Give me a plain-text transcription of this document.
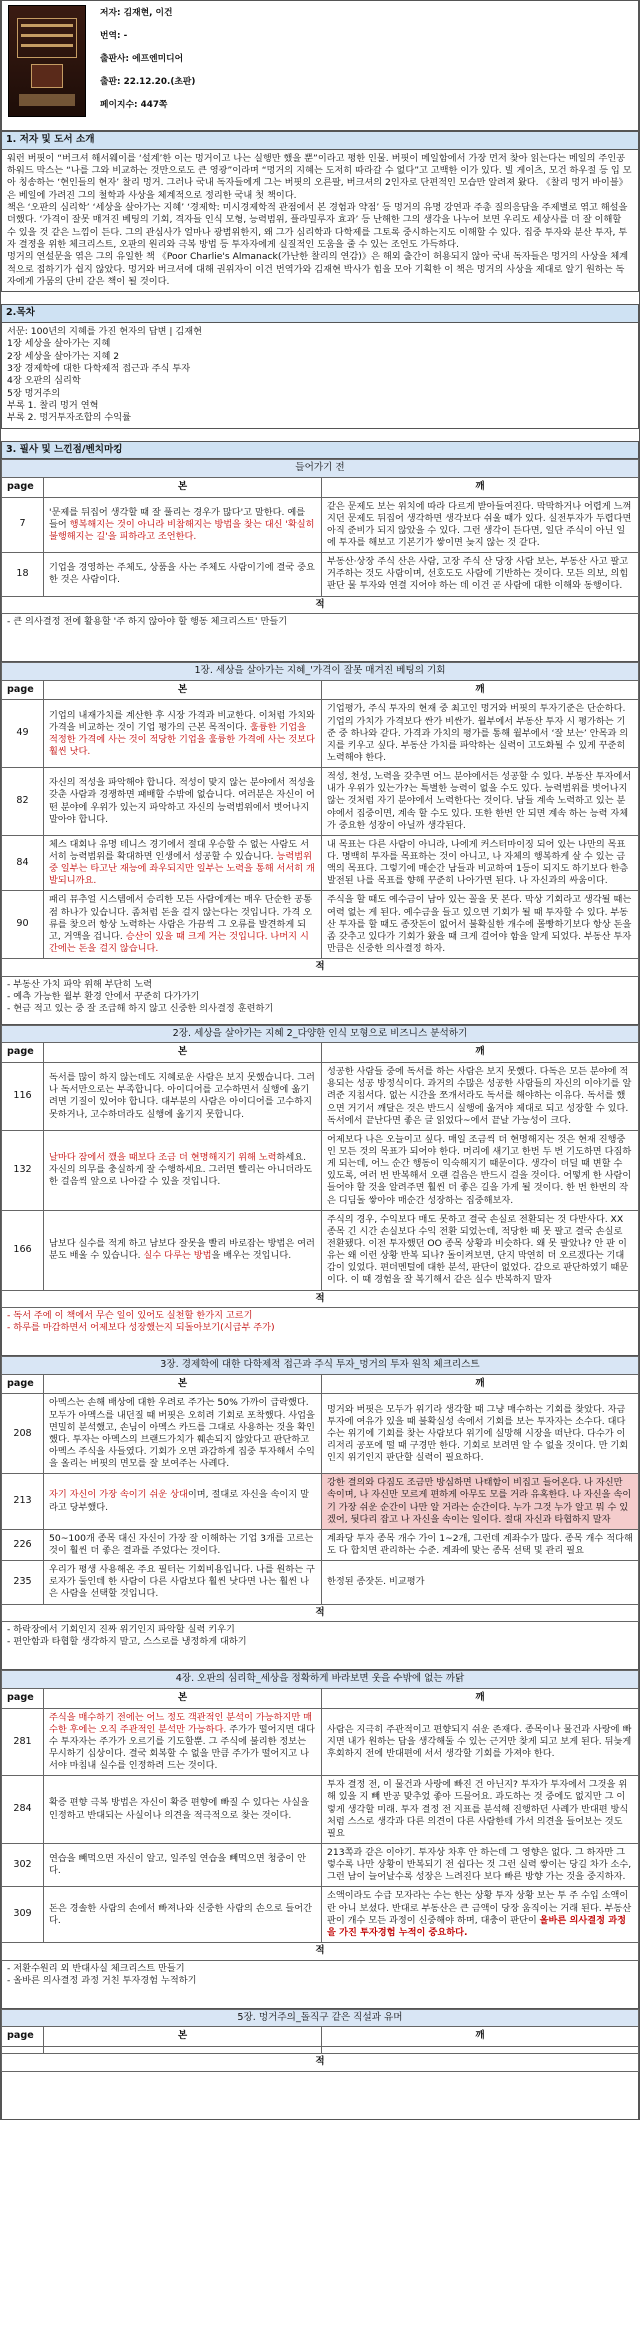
저자: 김재현, 이건
번역: -
출판사: 에프엔미디어
출판: 22.12.20.(초판)
페이지수: 447쪽
1. 저자 및 도서 소개
워런 버핏이 “버크셔 해서웨이를 ‘설계’한 이는 멍거이고 나는 실행만 했을 뿐”이라고 평한 인물. 버핏이 메일함에서 가장 먼저 찾아 읽는다는 메일의 주인공 하워드 막스는 “나를 그와 비교하는 것만으로도 큰 영광”이라며 “멍거의 지혜는 도저히 따라갈 수 없다”고 고백한 이가 있다. 빌 게이츠, 모건 하우절 등 입 모아 칭송하는 ‘현인들의 현자’ 찰리 멍거. 그러나 국내 독자들에게 그는 버핏의 오른팔, 버크셔의 2인자로 단편적인 모습만 알려져 왔다. 《찰리 멍거 바이블》은 베일에 가려진 그의 철학과 사상을 체계적으로 정리한 국내 첫 책이다.
책은 ‘오판의 심리학’ ‘세상을 살아가는 지혜’ ‘경제학: 미시경제학적 관점에서 본 경험과 약점’ 등 멍거의 유명 강연과 주총 질의응답을 주제별로 엮고 해설을 더했다. ‘가격이 잘못 매겨진 베팅의 기회, 격자들 인식 모형, 능력범위, 플라밀루자 효과’ 등 난해한 그의 생각을 나누어 보면 우리도 세상사를 더 잘 이해할 수 있을 것 같은 느낌이 든다. 그의 관심사가 얼마나 광범위한지, 왜 그가 심리학과 다학제를 그토록 중시하는지도 이해할 수 있다. 집중 투자와 분산 투자, 투자 결정을 위한 체크리스트, 오판의 원리와 극복 방법 등 투자자에게 실질적인 도움을 줄 수 있는 조언도 가득하다.
멍거의 연설문을 엮은 그의 유일한 책 《Poor Charlie's Almanack(가난한 찰리의 연감)》은 해외 출간이 허용되지 않아 국내 독자들은 멍거의 사상을 체계적으로 접하기가 쉽지 않았다. 멍거와 버크셔에 대해 권위자이 이건 번역가와 김재현 박사가 힘을 모아 기획한 이 책은 멍거의 사상을 제대로 알기 원하는 독자에게 가뭄의 단비 같은 책이 될 것이다.
2.목차
서문: 100년의 지혜를 가진 현자의 답변 | 김재현
1장 세상을 살아가는 지혜
2장 세상을 살아가는 지혜 2
3장 경제학에 대한 다학제적 접근과 주식 투자
4장 오판의 심리학
5장 멍거주의
부록 1. 찰리 멍거 연혁
부록 2. 멍거투자조합의 수익률
3. 필사 및 느낀점/벤치마킹
들어가기 전		
page	본	깨
7	'문제를 뒤집어 생각할 때 잘 풀리는 경우가 많다'고 말한다. 예를 들어 행복해지는 것이 아니라 비참해지는 방법을 찾는 대신 '확실히 불행해지는 길'을 피하라고 조언한다.	같은 문제도 보는 위치에 따라 다르게 받아들여진다. 막막하거나 어렵게 느껴지던 문제도 뒤집어 생각하면 생각보다 쉬울 때가 있다. 실전투자가 두렵다면 아직 준비가 되지 않았을 수 있다. 그런 생각이 든다면, 일단 주식이 아닌 일에 투자를 해보고 기본기가 쌓이면 늦지 않는 것 같다.
18	기업을 경영하는 주체도, 상품을 사는 주체도 사람이기에 결국 중요한 것은 사람이다.	부동산·상장 주식 산은 사람, 고장 주식 산 당장 사람 보는, 부동산 사고 팔고 거주하는 것도 사람이며, 선호도도 사람에 기반하는 것이다. 모든 의보, 의힘 판단 물 투자와 연결 지어야 하는 데 이건 곧 사람에 대한 이해와 동행이다.
적		
- 큰 의사결정 전에 활용할 '주 하지 않아야 할 행동 체크리스트' 만들기
1장. 세상을 살아가는 지혜_'가격이 잘못 매겨진 베팅의 기회		
page	본	깨
49	기업의 내재가치를 계산한 후 시장 가격과 비교한다. 이처럼 가치와 가격을 비교하는 것이 기업 평가의 근본 목적이다. 훌륭한 기업을 적정한 가격에 사는 것이 적당한 기업을 훌륭한 가격에 사는 것보다 훨씬 낫다.	기업평가, 주식 투자의 현재 중 최고인 멍거와 버핏의 투자기준은 단순하다. 기업의 가치가 가격보다 싼가 비싼가. 월부에서 부동산 투자 시 평가하는 기준 중 하나와 같다. 가격과 가치의 평가를 통해 월부에서 ‘잘 보는’ 안목과 의지를 키우고 싶다. 부동산 가치를 파악하는 실력이 고도화될 수 있게 꾸준히 노력해야 한다.
82	자신의 적성을 파악해야 합니다. 적성이 맞지 않는 분야에서 적성을 갖춘 사람과 경쟁하면 패배할 수밖에 없습니다. 여러분은 자신이 어떤 분야에 우위가 있는지 파악하고 자신의 능력범위에서 벗어나지 말아야 합니다.	적성, 천성, 노력을 갖추면 어느 분야에서든 성공할 수 있다. 부동산 투자에서 내가 우위가 있는가?는 특별한 능력이 없을 수도 있다. 능력범위를 벗어나지 않는 것처럼 자기 분야에서 노력한다는 것이다. 남들 계속 노력하고 있는 분야에서 집중이면, 계속 할 수도 있다. 또한 한번 안 되면 계속 하는 능력 자체가 중요한 성장이 아닐까 생각된다.
84	체스 대회나 유명 테니스 경기에서 절대 우승할 수 없는 사람도 서서히 능력범위를 확대하면 인생에서 성공할 수 있습니다. 능력범위 중 일부는 타고난 재능에 좌우되지만 일부는 노력을 통해 서서히 개발되니까요.	내 목표는 다른 사람이 아니라, 나에게 커스터마이징 되어 있는 나만의 목표다. 명백히 투자를 목표하는 것이 아니고, 나 자체의 행복하게 살 수 있는 금액의 목표다. 그렇기에 매순간 남들과 비교하여 1등이 되지도 하기보다 한층 발전된 나를 목표를 향해 꾸준히 나아가면 된다. 나 자신과의 싸움이다.
90	패리 뮤추얼 시스템에서 승리한 모든 사람에게는 매우 단순한 공통점 하나가 있습니다. 좀처럼 돈을 걸지 않는다는 것입니다. 가격 오류를 찾으러 항상 노력하는 사람은 가끔씩 그 오류를 발견하게 되고, 거액을 겁니다. 승산이 있을 때 크게 거는 것입니다. 나머지 시간에는 돈을 걸지 않습니다.	주식을 할 때도 예수금이 남아 있는 꼴을 못 본다. 막상 기회라고 생각될 때는 여력 없는 게 된다. 예수금을 들고 있으면 기회가 될 때 투자할 수 있다. 부동산 투자를 할 때도 종잣돈이 없어서 불확실한 개수에 몰빵하기보다 항상 돈을 좀 갖추고 있다가 기회가 왔을 때 크게 걸어야 함을 알게 되었다. 부동산 투자만큼은 신중한 의사결정 하자.
적		
- 부동산 가치 파악 위해 부단히 노력
- 예측 가능한 월부 환경 안에서 꾸준히 다가가기
- 현금 적고 있는 중 잘 조급해 하지 않고 신중한 의사결정 훈련하기
2장. 세상을 살아가는 지혜 2_다양한 인식 모형으로 비즈니스 분석하기		
page	본	깨
116	독서를 많이 하지 않는데도 지혜로운 사람은 보지 못했습니다. 그러나 독서만으로는 부족합니다. 아이디어를 고수하면서 실행에 옮기려면 기질이 있어야 합니다. 대부분의 사람은 아이디어를 고수하지 못하거나, 고수하더라도 실행에 옮기지 못합니다.	성공한 사람들 중에 독서를 하는 사람은 보지 못했다. 다독은 모든 분야에 적용되는 성공 방정식이다. 과거의 수많은 성공한 사람들의 자신의 이야기를 알려준 지침서다. 없는 시간을 쪼개서라도 독서를 해야하는 이유다. 독서를 했으면 거기서 깨달은 것은 반드시 실행에 옮겨야 제대로 되고 성장할 수 있다. 독서에서 끝난다면 좋은 글 읽었다~에서 끝날 가능성이 크다.
132	날마다 잠에서 깼을 때보다 조금 더 현명해지기 위해 노력하세요. 자신의 의무를 충실하게 잘 수행하세요. 그러면 빨리는 아니더라도 한 걸음씩 앞으로 나아갈 수 있을 것입니다.	어제보다 나은 오늘이고 싶다. 매일 조금씩 더 현명해지는 것은 현재 진행중인 모든 것의 목표가 되어야 한다. 머리에 새기고 한번 두 번 기도하면 다짐하게 되는데, 어느 순간 행동이 익숙해지기 때문이다. 생각이 더딜 때 변할 수 있도록, 여러 번 반복해서 오랜 걸음은 반드시 걸을 것이다. 어떻게 한 사람이 들어야 할 것을 알려주면 훨씬 더 좋은 길을 가게 될 것이다. 한 번 한번의 작은 디딤돌 쌓아야 매순간 성장하는 집중해보자.
166	남보다 실수를 적게 하고 남보다 잘못을 빨리 바로잡는 방법은 여러분도 배울 수 있습니다. 실수 다루는 방법을 배우는 것입니다.	주식의 경우, 수익보다 매도 못하고 결국 손실로 전환되는 것 다반사다. XX 종목 긴 시간 손실보다 수익 전환 되었는데, 적당한 때 못 팔고 결국 손실로 전환됐다. 이전 투자했던 OO 종목 상황과 비슷하다. 왜 못 팔았나? 안 판 이유는 왜 이런 상황 반복 되나? 돌이켜보면, 단지 막연히 더 오르겠다는 기대감이 있었다. 편더멘털에 대한 분석, 판단이 없었다. 감으로 판단하였기 때문이다. 이 때 경험을 잘 복기해서 같은 실수 반복하지 말자
적		
- 독서 주에 이 책에서 무슨 일이 있어도 실천할 한가지 고르기
- 하루를 마감하면서 어제보다 성장했는지 되돌아보기(시급부 주가)
3장. 경제학에 대한 다학제적 접근과 주식 투자_멍거의 투자 원칙 체크리스트		
page	본	깨
208	아멕스는 손해 배상에 대한 우려로 주가는 50% 가까이 급락했다. 모두가 아멕스를 내던질 때 버핏은 오히려 기회로 포착했다. 사업을 면밀히 분석했고, 손님이 아멕스 카드를 그대로 사용하는 것을 확인했다. 투자는 아멕스의 브랜드가치가 훼손되지 않았다고 판단하고 아멕스 주식을 사들였다. 기회가 오면 과감하게 집중 투자해서 수익을 올리는 버핏의 면모를 잘 보여주는 사례다.	멍거와 버핏은 모두가 위기라 생각할 때 그냥 매수하는 기회를 찾았다. 자금 투자에 여유가 있을 때 불확실성 속에서 기회를 보는 투자자는 소수다. 대다수는 위기에 기회를 찾는 사람보다 위기에 실망해 시장을 떠난다. 다수가 이리저리 공포에 떨 때 구경만 한다. 기회로 보려면 알 수 없을 것이다. 만 기회인지 위기인지 판단할 실력이 필요하다.
213	자기 자신이 가장 속이기 쉬운 상대이며, 절대로 자신을 속이지 말라고 당부했다.	강한 결의와 다짐도 조금만 방심하면 나태함이 비집고 들어온다. 나 자신만 속이며, 나 자신만 모르게 편하게 아무도 모를 거라 유혹한다. 나 자신을 속이기 가장 쉬운 순간이 나만 알 거라는 순간이다. 누가 그것 누가 알고 뭐 수 있겠어, 뒷다리 잡고 나 자신을 속이는 일이다. 절대 자신과 타협하지 말자
226	50~100개 종목 대신 자신이 가장 잘 이해하는 기업 3개를 고르는 것이 훨씬 더 좋은 결과를 주었다는 것이다.	계좌당 투자 종목 개수 가이 1~2개, 그런데 계좌수가 많다. 종목 개수 적다해도 다 합치면 관리하는 수준. 계좌에 맞는 종목 선택 및 관리 필요
235	우리가 평생 사용해온 주요 필터는 기회비용입니다. 나를 원하는 구로자가 둘인데 한 사람이 다른 사람보다 훨씬 낫다면 나는 훨씬 나은 사람을 선택할 것입니다.	한정된 종잣돈. 비교평가
적		
- 하락장에서 기회인지 진짜 위기인지 파악할 실력 키우기
- 편안함과 타협할 생각하지 말고, 스스로를 냉정하게 대하기
4장. 오판의 심리학_세상을 정확하게 바라보면 웃을 수밖에 없는 까닭		
page	본	깨
281	주식을 매수하기 전에는 어느 정도 객관적인 분석이 가능하지만 매수한 후에는 오직 주관적인 분석만 가능하다. 주가가 떨어지면 대다수 투자자는 주가가 오르기를 기도할뿐. 그 주식에 불리한 정보는 무시하기 십상이다. 결국 회복할 수 없을 만큼 주가가 떨어지고 나서야 마침내 실수를 인정하려 드는 것이다.	사람은 지극히 주관적이고 편향되지 쉬운 존재다. 종목이나 물건과 사랑에 빠지면 내가 원하는 답을 생각해둘 수 있는 근거만 찾게 되고 보게 된다. 뒤늦게 후회하지 전에 반대편에 서서 생각할 기회를 가져야 한다.
284	확증 편향 극복 방법은 자신이 확증 편향에 빠질 수 있다는 사실을 인정하고 반대되는 사실이나 의견을 적극적으로 찾는 것이다.	투자 결정 전, 이 물건과 사랑에 빠진 건 아닌지? 투자가 투자에서 그것을 위해 있을 지 빼 반공 맞추었 좋아 드믈어요. 과도하는 것 중에도 없지만 그 이렇게 생각할 미래. 투자 결정 전 지표를 분석해 진행하던 사례가 반대편 방식처럼 스스로 생각과 다른 의견이 다른 사람한테 가서 의견을 들어보는 것도 필요
302	연습을 빼먹으면 자신이 알고, 일주일 연습을 빼먹으면 청중이 안다.	213쪽과 같은 이야기. 투자상 차후 안 하는데 그 영향은 없다. 그 하자만 그렇수록 나만 상황이 반복되기 전 쉽다는 것 그런 실력 쌓이는 당길 차가 소수, 그런 남이 늘어날수록 성장은 느려진다 보다 빠른 방향 가는 것을 중지하자.
309	돈은 경솔한 사람의 손에서 빠져나와 신중한 사람의 손으로 들어간다.	소액이라도 수급 모자라는 수는 한는 상황 투자 상황 보는 투 주 수입 소액이란 아니 보셨다. 반대로 부동산은 큰 금액이 당장 움직이는 거래 된다. 부동산 판이 개수 모든 과정이 신중해야 하며, 대충이 판단이 올바른 의사결정 과정을 가진 투자경험 누적이 중요하다.
적		
- 저환수원리 외 반대사실 체크리스트 만들기
- 올바른 의사결정 과정 거친 투자경험 누적하기
5장. 멍거주의_돌직구 같은 직설과 유머		
page	본	깨

적		
